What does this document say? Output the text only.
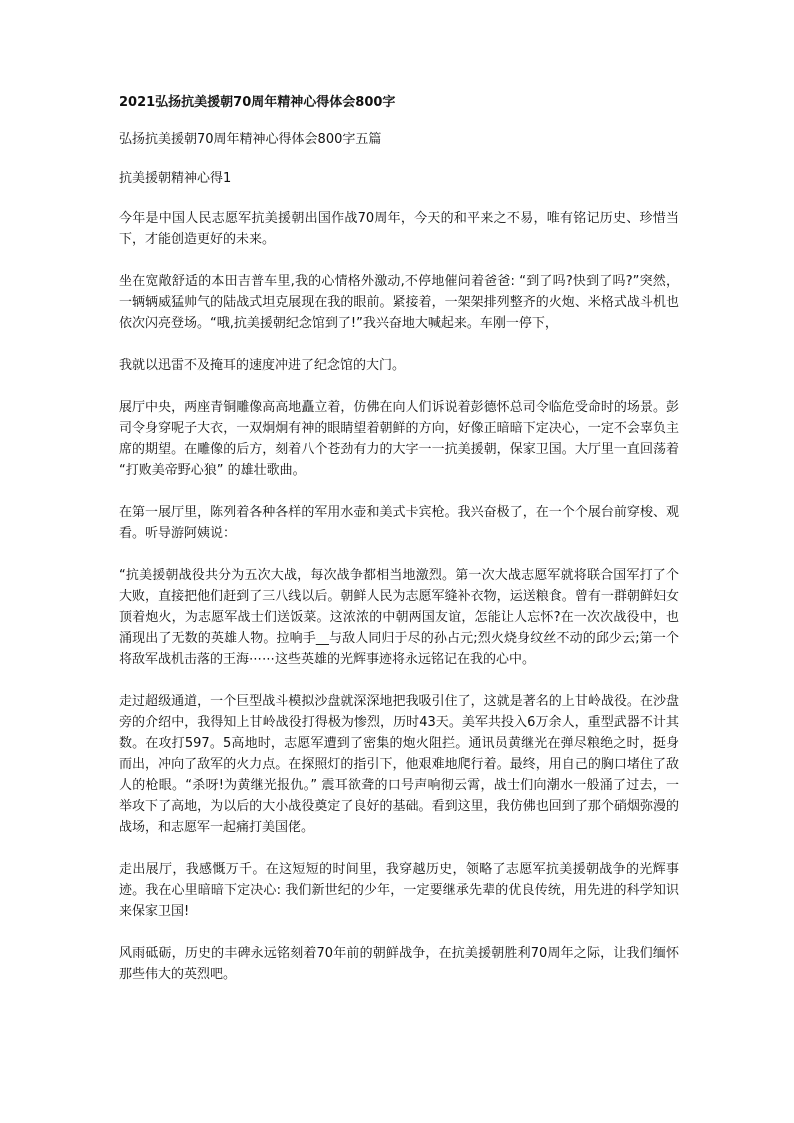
2021弘扬抗美援朝70周年精神心得体会800字
弘扬抗美援朝70周年精神心得体会800字五篇
抗美援朝精神心得1

今年是中国人民志愿军抗美援朝出国作战70周年，今天的和平来之不易，唯有铭记历史、珍惜当下，才能创造更好的未来。

坐在宽敞舒适的本田吉普车里,我的心情格外激动,不停地催问着爸爸: “到了吗?快到了吗?”突然，一辆辆威猛帅气的陆战式坦克展现在我的眼前。紧接着，一架架排列整齐的火炮、米格式战斗机也依次闪亮登场。“哦,抗美援朝纪念馆到了!”我兴奋地大喊起来。车刚一停下，

我就以迅雷不及掩耳的速度冲进了纪念馆的大门。

展厅中央，两座青铜雕像高高地矗立着，仿佛在向人们诉说着彭德怀总司令临危受命时的场景。彭司令身穿呢子大衣，一双炯炯有神的眼睛望着朝鲜的方向，好像正暗暗下定决心，一定不会辜负主席的期望。在雕像的后方，刻着八个苍劲有力的大字一一抗美援朝，保家卫国。大厅里一直回荡着 “打败美帝野心狼” 的雄壮歌曲。

在第一展厅里，陈列着各种各样的军用水壶和美式卡宾枪。我兴奋极了，在一个个展台前穿梭、观看。听导游阿姨说：

“抗美援朝战役共分为五次大战，每次战争都相当地激烈。第一次大战志愿军就将联合国军打了个大败，直接把他们赶到了三八线以后。朝鲜人民为志愿军缝补衣物，运送粮食。曾有一群朝鲜妇女顶着炮火，为志愿军战士们送饭菜。这浓浓的中朝两国友谊，怎能让人忘怀?在一次次战役中，也涌现出了无数的英雄人物。拉响手__与敌人同归于尽的孙占元;烈火烧身纹丝不动的邱少云;第一个将敌军战机击落的王海⋯⋯这些英雄的光辉事迹将永远铭记在我的心中。

走过超级通道，一个巨型战斗模拟沙盘就深深地把我吸引住了，这就是著名的上甘岭战役。在沙盘旁的介绍中，我得知上甘岭战役打得极为惨烈，历时43天。美军共投入6万余人，重型武器不计其数。在攻打597。5高地时，志愿军遭到了密集的炮火阻拦。通讯员黄继光在弹尽粮绝之时，挺身而出，冲向了敌军的火力点。在探照灯的指引下，他艰难地爬行着。最终，用自己的胸口堵住了敌人的枪眼。“杀呀!为黄继光报仇。” 震耳欲聋的口号声响彻云霄，战士们向潮水一般涌了过去，一举攻下了高地，为以后的大小战役奠定了良好的基础。看到这里，我仿佛也回到了那个硝烟弥漫的战场，和志愿军一起痛打美国佬。

走出展厅，我感慨万千。在这短短的时间里，我穿越历史，领略了志愿军抗美援朝战争的光辉事迹。我在心里暗暗下定决心: 我们新世纪的少年，一定要继承先辈的优良传统，用先进的科学知识来保家卫国!

风雨砥砺，历史的丰碑永远铭刻着70年前的朝鲜战争，在抗美援朝胜利70周年之际，让我们缅怀那些伟大的英烈吧。
